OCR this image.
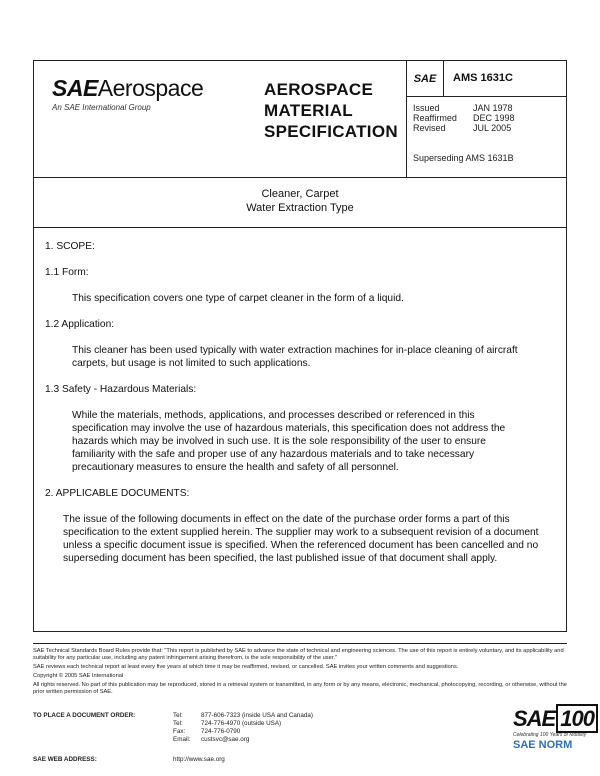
SAEAerospace
An SAE International Group
AEROSPACE
MATERIAL
SPECIFICATION
SAE	AMS 1631C
Issued	JAN 1978
Reaffirmed	DEC 1998
Revised	JUL 2005
Superseding AMS 1631B
Cleaner, Carpet
Water Extraction Type
1. SCOPE:
1.1 Form:
This specification covers one type of carpet cleaner in the form of a liquid.
1.2 Application:
This cleaner has been used typically with water extraction machines for in-place cleaning of aircraft carpets, but usage is not limited to such applications.
1.3 Safety - Hazardous Materials:
While the materials, methods, applications, and processes described or referenced in this specification may involve the use of hazardous materials, this specification does not address the hazards which may be involved in such use. It is the sole responsibility of the user to ensure familiarity with the safe and proper use of any hazardous materials and to take necessary precautionary measures to ensure the health and safety of all personnel.
2. APPLICABLE DOCUMENTS:
The issue of the following documents in effect on the date of the purchase order forms a part of this specification to the extent supplied herein. The supplier may work to a subsequent revision of a document unless a specific document issue is specified. When the referenced document has been cancelled and no superseding document has been specified, the last published issue of that document shall apply.
SAE Technical Standards Board Rules provide that: "This report is published by SAE to advance the state of technical and engineering sciences. The use of this report is entirely voluntary, and its applicability and suitability for any particular use, including any patent infringement arising therefrom, is the sole responsibility of the user."
SAE reviews each technical report at least every five years at which time it may be reaffirmed, revised, or cancelled. SAE invites your written comments and suggestions.
Copyright © 2005 SAE International
All rights reserved. No part of this publication may be reproduced, stored in a retrieval system or transmitted, in any form or by any means, electronic, mechanical, photocopying, recording, or otherwise, without the prior written permission of SAE.
TO PLACE A DOCUMENT ORDER:	Tel:	877-606-7323 (inside USA and Canada)
Tel:	724-776-4970 (outside USA)
Fax:	724-776-0790
Email:	custsvc@sae.org
SAE WEB ADDRESS:	http://www.sae.org
SAE 100
Celebrating 100 Years of Mobility
SAE NORM
